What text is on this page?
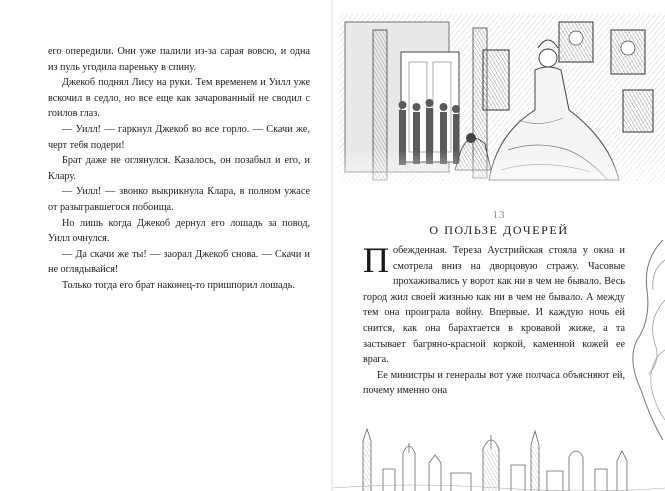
его опередили. Они уже палили из-за сарая вовсю, и одна из пуль угодила пареньку в спину.

Джекоб поднял Лису на руки. Тем временем и Уилл уже вскочил в седло, но все еще как зачарованный не сводил с гоилов глаз.

— Уилл! — гаркнул Джекоб во все горло. — Скачи же, черт тебя подери!

Брат даже не оглянулся. Казалось, он позабыл и его, и Клару.

— Уилл! — звонко выкрикнула Клара, в полном ужасе от разыгравшегося побоища.

Но лишь когда Джекоб дернул его лошадь за повод, Уилл очнулся.

— Да скачи же ты! — заорал Джекоб снова. — Скачи и не оглядывайся!

Только тогда его брат наконец-то пришпорил лошадь.

13
О ПОЛЬЗЕ ДОЧЕРЕЙ

Побежденная. Тереза Аустрийская стояла у окна и смотрела вниз на дворцовую стражу. Часовые прохаживались у ворот как ни в чем не бывало. Весь город жил своей жизнью как ни в чем не бывало. А между тем она проиграла войну. Впервые. И каждую ночь ей снится, как она барахтается в кровавой жиже, а та застывает багряно-красной коркой, каменной кожей ее врага.

Ее министры и генералы вот уже полчаса объясняют ей, почему именно она
